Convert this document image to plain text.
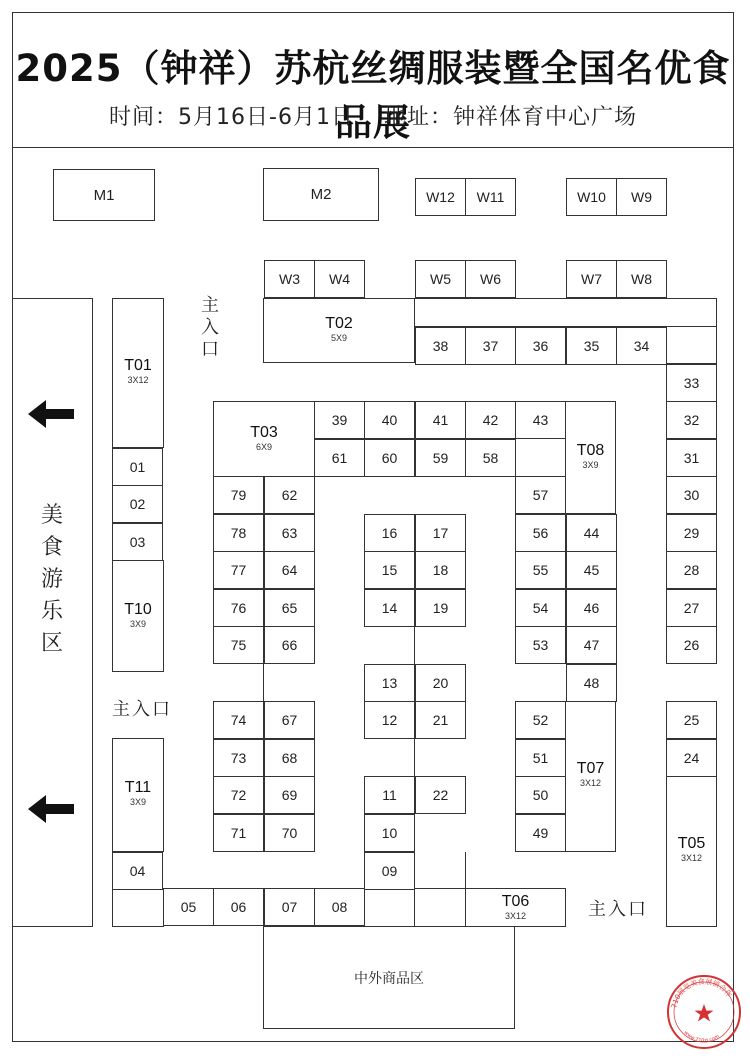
2025（钟祥）苏杭丝绸服装暨全国名优食品展
时间：5月16日-6月1日 地址：钟祥体育中心广场
美
食
游
乐
区
主
入
口
主入口
主入口
M1	M2
T01
3X12
T10
3X9
T11
3X9
T02
5X9
T03
6X9	T08
3X9
T07
3X12
T05
3X12
T06
3X12
中外商品区
W12 W11	W10 W9
W3 W4	W5 W6	W7 W8
38 37 36	35 34
33
32
31
30
29
28
27
26
25
24
39 40	41 42 43
61 60	59 58
57
01
02
03
04
79
78
77
76
75
74
73
72
71
62
63
64
65
66
67
68
69
70
16	17
15	18
14	19
13	20
12	21
11	22
10
09
56
55
54
53
52
51
50
49
44
45
46
47
48
05 06	07 08
710展览美食展销合作
www.710zl.com
